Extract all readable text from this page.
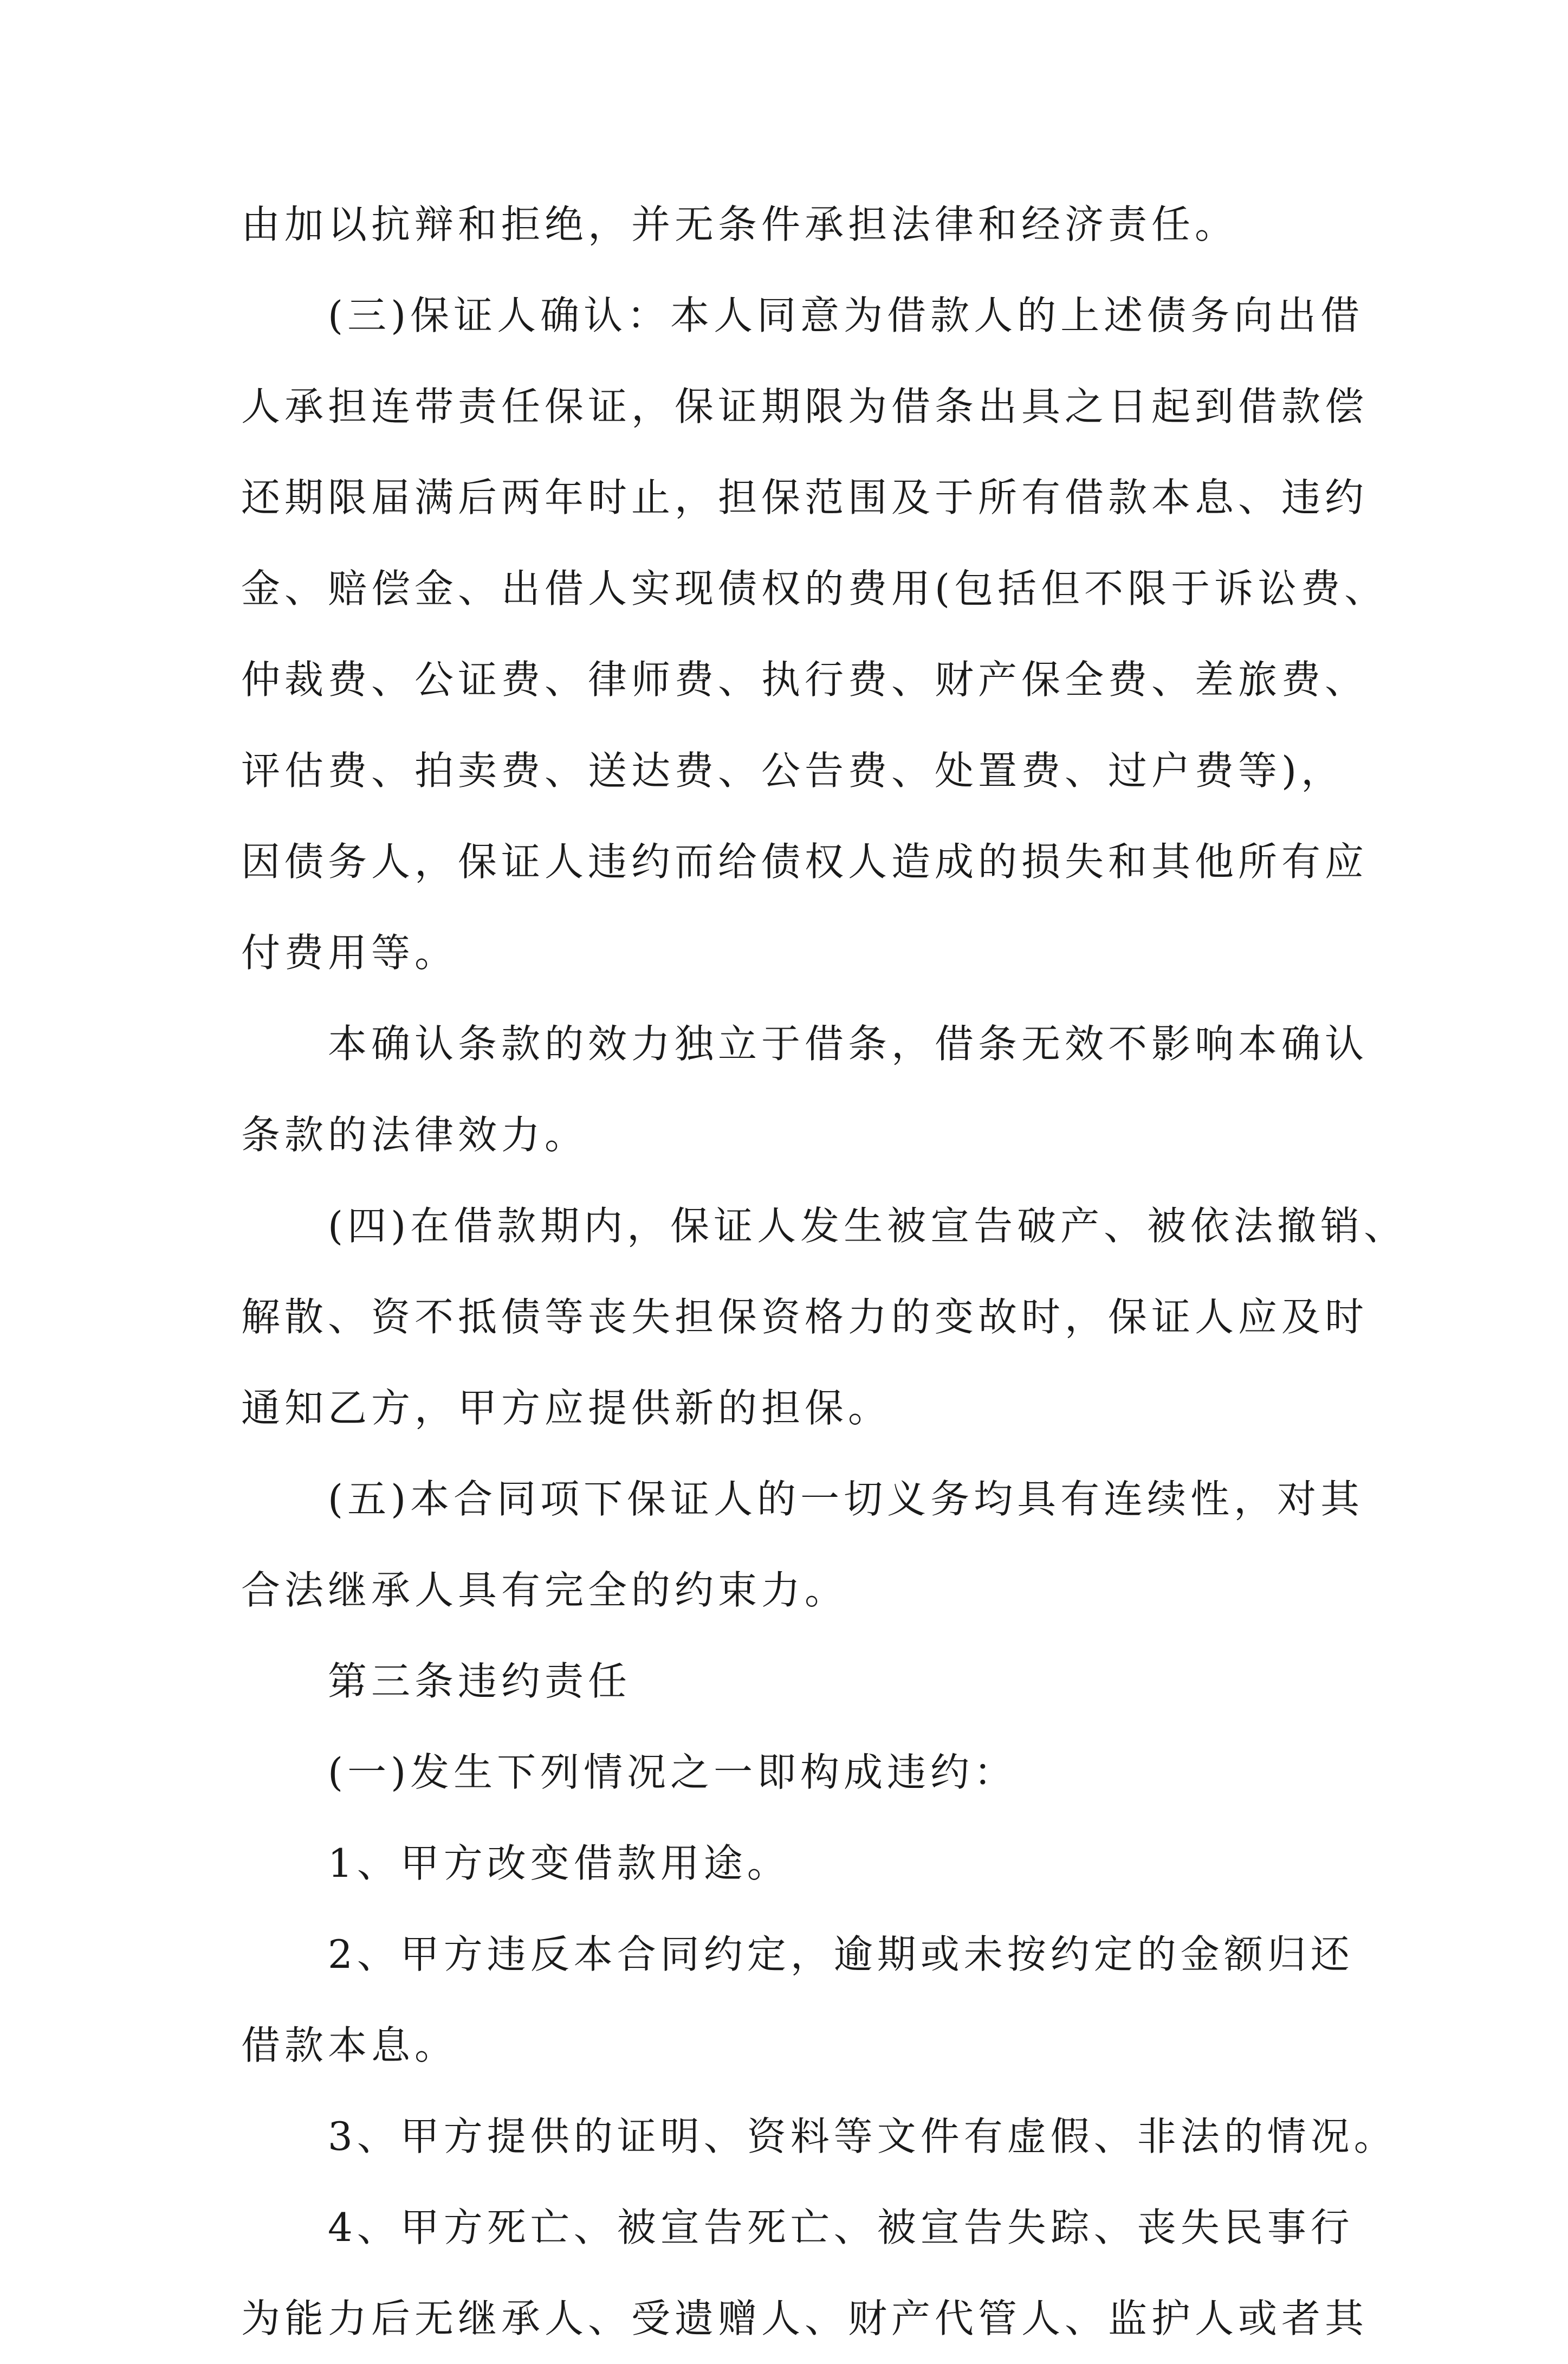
由加以抗辩和拒绝，并无条件承担法律和经济责任。
(三)保证人确认：本人同意为借款人的上述债务向出借
人承担连带责任保证，保证期限为借条出具之日起到借款偿
还期限届满后两年时止，担保范围及于所有借款本息、违约
金、赔偿金、出借人实现债权的费用(包括但不限于诉讼费、
仲裁费、公证费、律师费、执行费、财产保全费、差旅费、
评估费、拍卖费、送达费、公告费、处置费、过户费等)，
因债务人，保证人违约而给债权人造成的损失和其他所有应
付费用等。
本确认条款的效力独立于借条，借条无效不影响本确认
条款的法律效力。
(四)在借款期内，保证人发生被宣告破产、被依法撤销、
解散、资不抵债等丧失担保资格力的变故时，保证人应及时
通知乙方，甲方应提供新的担保。
(五)本合同项下保证人的一切义务均具有连续性，对其
合法继承人具有完全的约束力。
第三条违约责任
(一)发生下列情况之一即构成违约：
1、甲方改变借款用途。
2、甲方违反本合同约定，逾期或未按约定的金额归还
借款本息。
3、甲方提供的证明、资料等文件有虚假、非法的情况。
4、甲方死亡、被宣告死亡、被宣告失踪、丧失民事行
为能力后无继承人、受遗赠人、财产代管人、监护人或者其
